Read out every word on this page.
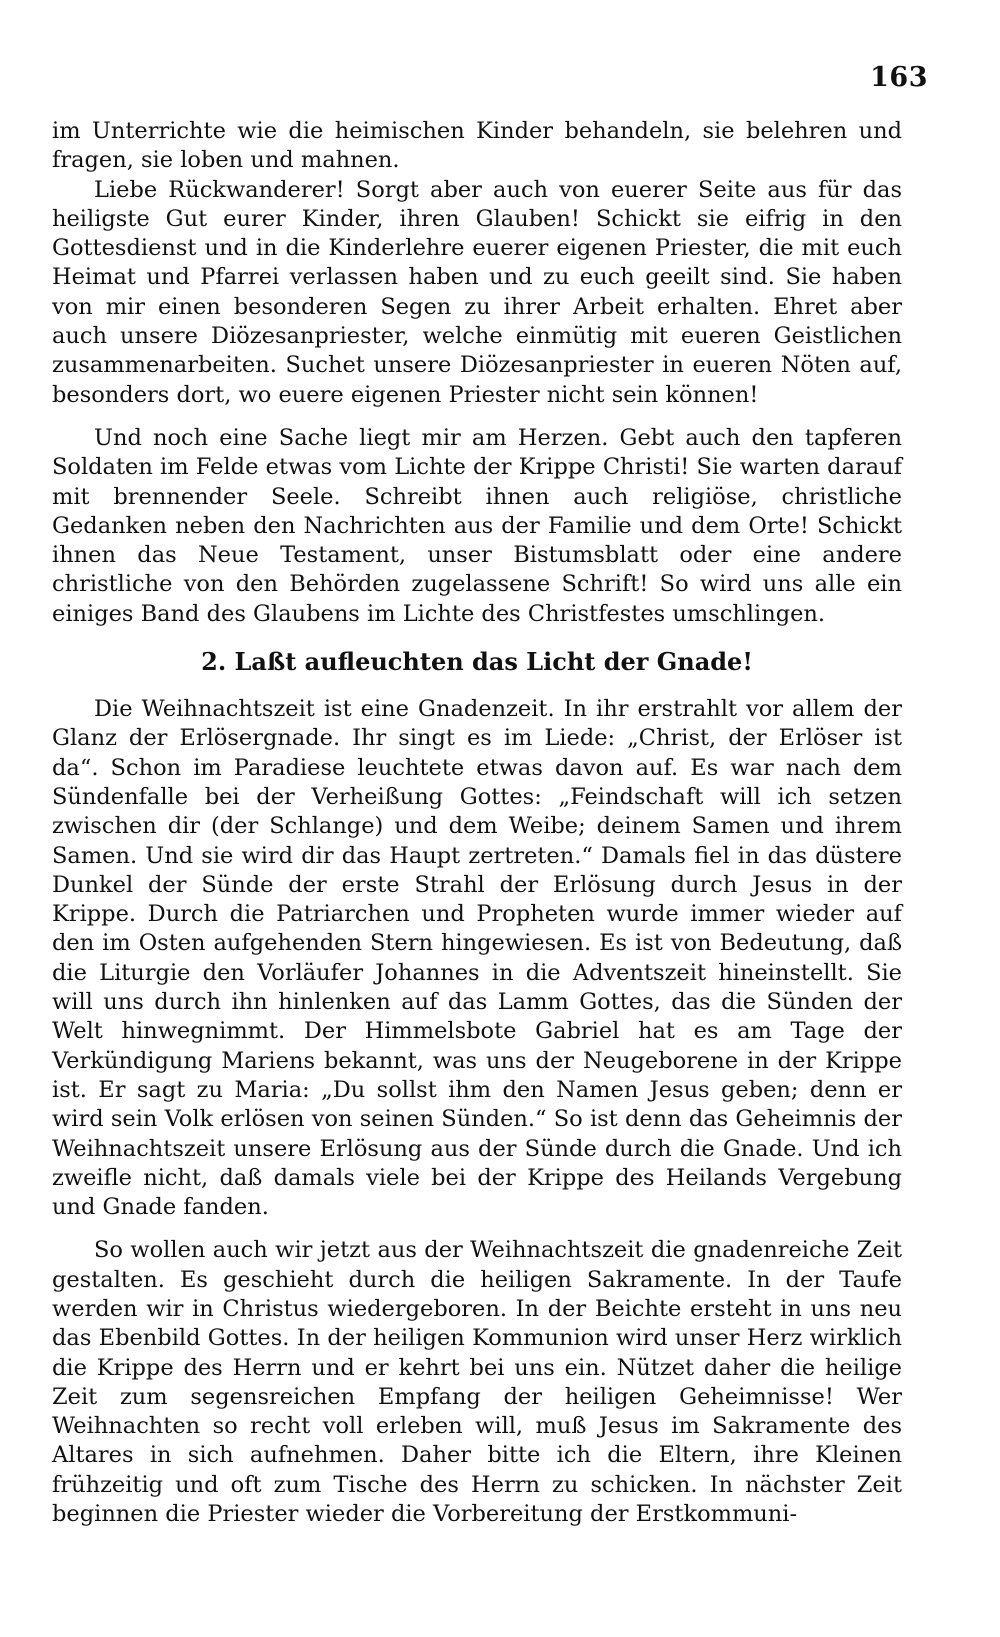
163

im Unterrichte wie die heimischen Kinder behandeln, sie belehren und fragen, sie loben und mahnen.

Liebe Rückwanderer! Sorgt aber auch von euerer Seite aus für das heiligste Gut eurer Kinder, ihren Glauben! Schickt sie eifrig in den Gottesdienst und in die Kinderlehre euerer eigenen Priester, die mit euch Heimat und Pfarrei verlassen haben und zu euch geeilt sind. Sie haben von mir einen besonderen Segen zu ihrer Arbeit erhalten. Ehret aber auch unsere Diözesanpriester, welche einmütig mit eueren Geistlichen zusammenarbeiten. Suchet unsere Diözesanpriester in eueren Nöten auf, besonders dort, wo euere eigenen Priester nicht sein können!

Und noch eine Sache liegt mir am Herzen. Gebt auch den tapferen Soldaten im Felde etwas vom Lichte der Krippe Christi! Sie warten darauf mit brennender Seele. Schreibt ihnen auch religiöse, christliche Gedanken neben den Nachrichten aus der Familie und dem Orte! Schickt ihnen das Neue Testament, unser Bistumsblatt oder eine andere christliche von den Behörden zugelassene Schrift! So wird uns alle ein einiges Band des Glaubens im Lichte des Christfestes umschlingen.

2. Laßt aufleuchten das Licht der Gnade!

Die Weihnachtszeit ist eine Gnadenzeit. In ihr erstrahlt vor allem der Glanz der Erlösergnade. Ihr singt es im Liede: „Christ, der Erlöser ist da“. Schon im Paradiese leuchtete etwas davon auf. Es war nach dem Sündenfalle bei der Verheißung Gottes: „Feindschaft will ich setzen zwischen dir (der Schlange) und dem Weibe; deinem Samen und ihrem Samen. Und sie wird dir das Haupt zertreten.“ Damals fiel in das düstere Dunkel der Sünde der erste Strahl der Erlösung durch Jesus in der Krippe. Durch die Patriarchen und Propheten wurde immer wieder auf den im Osten aufgehenden Stern hingewiesen. Es ist von Bedeutung, daß die Liturgie den Vorläufer Johannes in die Adventszeit hineinstellt. Sie will uns durch ihn hinlenken auf das Lamm Gottes, das die Sünden der Welt hinwegnimmt. Der Himmelsbote Gabriel hat es am Tage der Verkündigung Mariens bekannt, was uns der Neugeborene in der Krippe ist. Er sagt zu Maria: „Du sollst ihm den Namen Jesus geben; denn er wird sein Volk erlösen von seinen Sünden.“ So ist denn das Geheimnis der Weihnachtszeit unsere Erlösung aus der Sünde durch die Gnade. Und ich zweifle nicht, daß damals viele bei der Krippe des Heilands Vergebung und Gnade fanden.

So wollen auch wir jetzt aus der Weihnachtszeit die gnadenreiche Zeit gestalten. Es geschieht durch die heiligen Sakramente. In der Taufe werden wir in Christus wiedergeboren. In der Beichte ersteht in uns neu das Ebenbild Gottes. In der heiligen Kommunion wird unser Herz wirklich die Krippe des Herrn und er kehrt bei uns ein. Nützet daher die heilige Zeit zum segensreichen Empfang der heiligen Geheimnisse! Wer Weihnachten so recht voll erleben will, muß Jesus im Sakramente des Altares in sich aufnehmen. Daher bitte ich die Eltern, ihre Kleinen frühzeitig und oft zum Tische des Herrn zu schicken. In nächster Zeit beginnen die Priester wieder die Vorbereitung der Erstkommuni-
